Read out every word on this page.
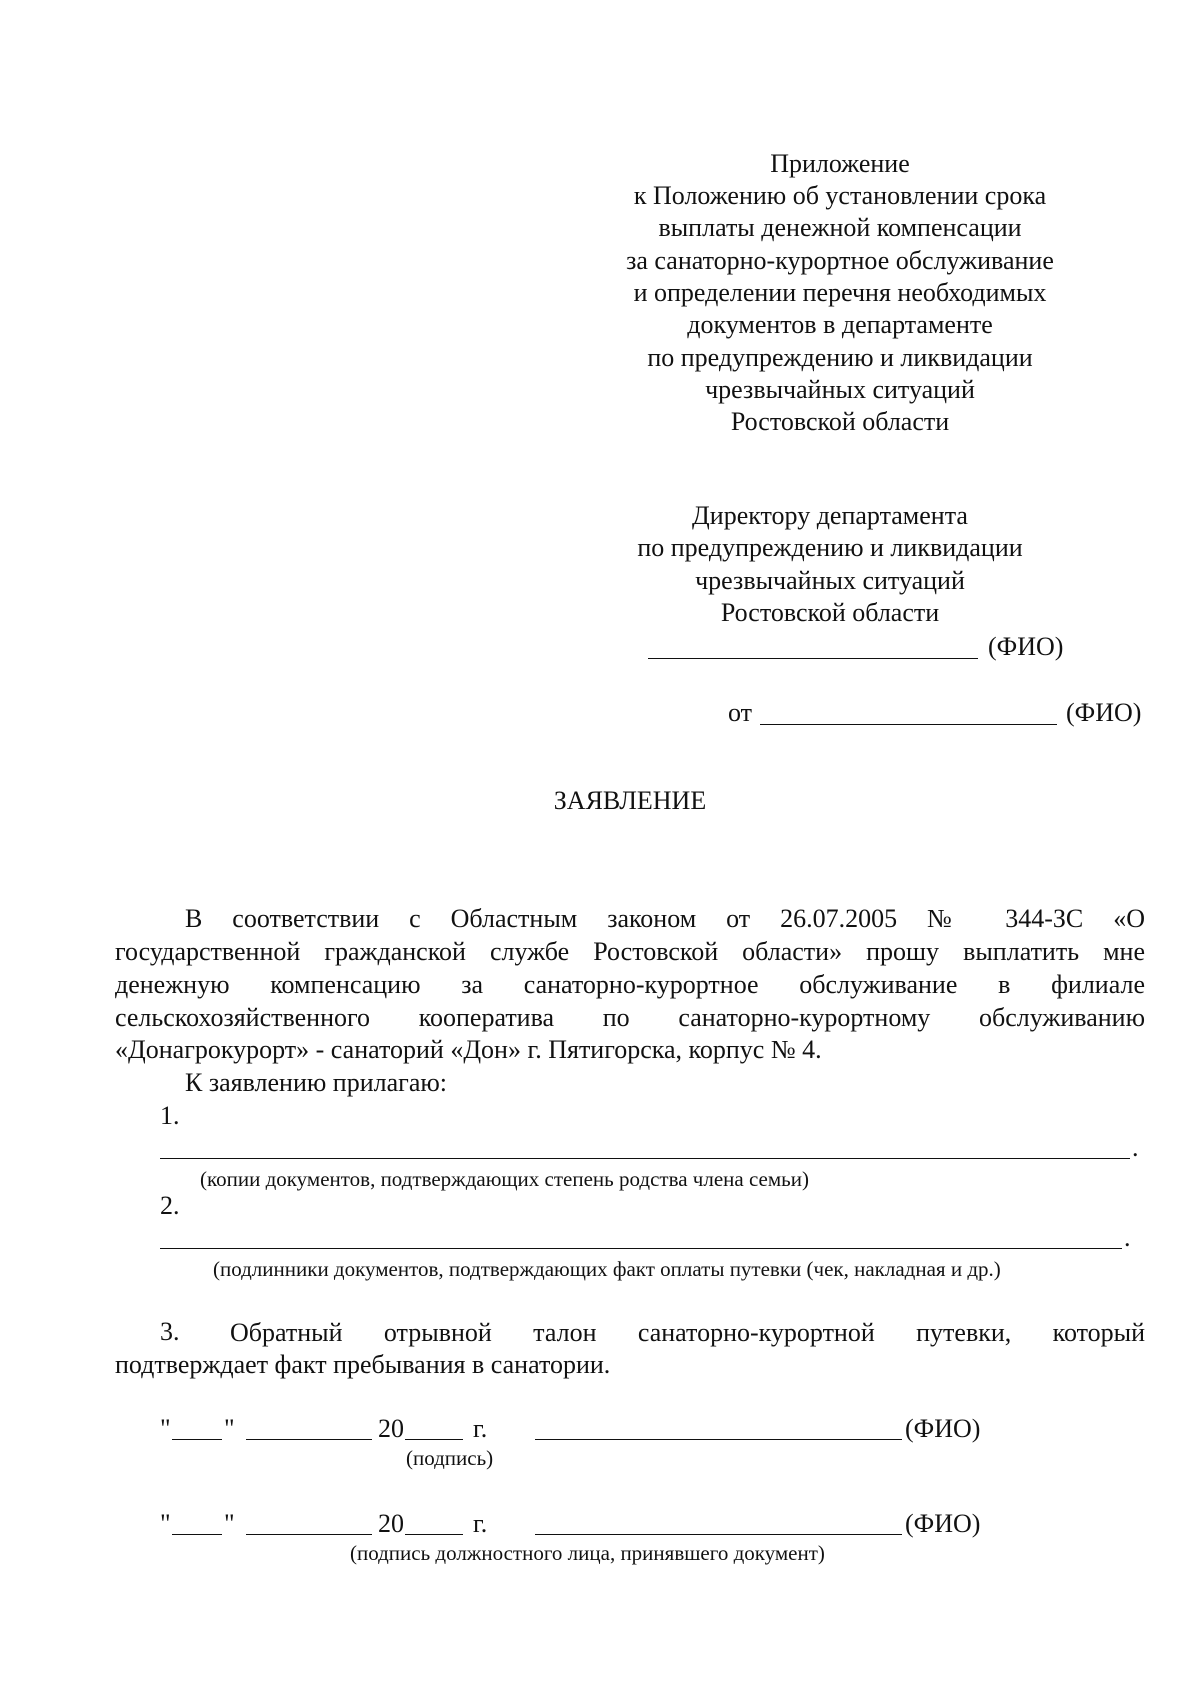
Приложение
к Положению об установлении срока
выплаты денежной компенсации
за санаторно-курортное обслуживание
и определении перечня необходимых
документов в департаменте
по предупреждению и ликвидации
чрезвычайных ситуаций
Ростовской области
Директору департамента
по предупреждению и ликвидации
чрезвычайных ситуаций
Ростовской области
(ФИО)
от	(ФИО)
ЗАЯВЛЕНИЕ
В соответствии с Областным законом от 26.07.2005 № 344-ЗС «О
государственной гражданской службе Ростовской области» прошу выплатить мне
денежную компенсацию за санаторно-курортное обслуживание в филиале
сельскохозяйственного кооператива по санаторно-курортному обслуживанию
«Донагрокурорт» - санаторий «Дон» г. Пятигорска, корпус № 4.
К заявлению прилагаю:
1.
.
(копии документов, подтверждающих степень родства члена семьи)
2.
.
(подлинники документов, подтверждающих факт оплаты путевки (чек, накладная и др.)
3. Обратный отрывной талон санаторно-курортной путевки, который
подтверждает факт пребывания в санатории.
" "	20	г.	(ФИО)
(подпись)
" "	20	г.	(ФИО)
(подпись должностного лица, принявшего документ)
